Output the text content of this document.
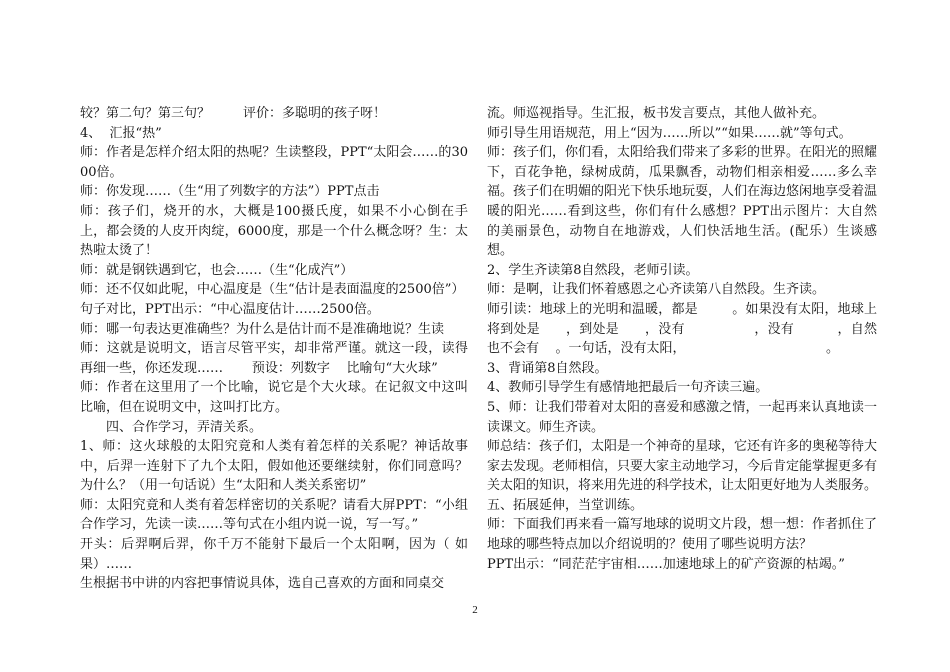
较？第二句？第三句？        评价：多聪明的孩子呀！

4、  汇报“热”

师：作者是怎样介绍太阳的热呢？生读整段，PPT“太阳会……的3000倍。

师：你发现……（生“用了列数字的方法”）PPT点击

师：孩子们，烧开的水，大概是100摄氏度，如果不小心倒在手上，都会烫的人皮开肉绽，6000度，那是一个什么概念呀？生：太热啦太烫了！

师：就是钢铁遇到它，也会……（生“化成汽”）

师：还不仅如此呢，中心温度是（生“估计是表面温度的2500倍”）

句子对比，PPT出示：“中心温度估计……2500倍。

师：哪一句表达更准确些？为什么是估计而不是准确地说？生读

师：这就是说明文，语言尽管平实，却非常严谨。就这一段，读得再细一些，你还发现……       预设：列数字    比喻句“大火球”

师：作者在这里用了一个比喻，说它是个大火球。在记叙文中这叫比喻，但在说明文中，这叫打比方。

四、合作学习，弄清关系。

1、师：这火球般的太阳究竟和人类有着怎样的关系呢？神话故事中，后羿一连射下了九个太阳，假如他还要继续射，你们同意吗？为什么？（用一句话说）生“太阳和人类关系密切”

师：太阳究竟和人类有着怎样密切的关系呢？请看大屏PPT：“小组合作学习，先读一读……等句式在小组内说一说，写一写。”

开头：后羿啊后羿，你千万不能射下最后一个太阳啊，因为（ 如果）……

生根据书中讲的内容把事情说具体，选自己喜欢的方面和同桌交

流。师巡视指导。生汇报，板书发言要点，其他人做补充。

师引导生用语规范，用上“因为……所以”“如果……就”等句式。

师：孩子们，你们看，太阳给我们带来了多彩的世界。在阳光的照耀下，百花争艳，绿树成荫，瓜果飘香，动物们相亲相爱……多么幸福。孩子们在明媚的阳光下快乐地玩耍，人们在海边悠闲地享受着温暖的阳光……看到这些，你们有什么感想？PPT出示图片：大自然的美丽景色，动物自在地游戏，人们快活地生活。(配乐）生谈感想。

2、学生齐读第8自然段，老师引读。

师：是啊，让我们怀着感恩之心齐读第八自然段。生齐读。

师引读：地球上的光明和温暖，都是        。如果没有太阳，地球上将到处是      ，到处是      ，没有                ，没有          ，自然也不会有    。一句话，没有太阳，                                  。

3、背诵第8自然段。

4、教师引导学生有感情地把最后一句齐读三遍。

5、师：让我们带着对太阳的喜爱和感激之情，一起再来认真地读一读课文。师生齐读。

师总结：孩子们，太阳是一个神奇的星球，它还有许多的奥秘等待大家去发现。老师相信，只要大家主动地学习，今后肯定能掌握更多有关太阳的知识，将来用先进的科学技术，让太阳更好地为人类服务。

五、拓展延伸，当堂训练。

师：下面我们再来看一篇写地球的说明文片段，想一想：作者抓住了地球的哪些特点加以介绍说明的？使用了哪些说明方法？

PPT出示：“同茫茫宇宙相……加速地球上的矿产资源的枯竭。”

2
